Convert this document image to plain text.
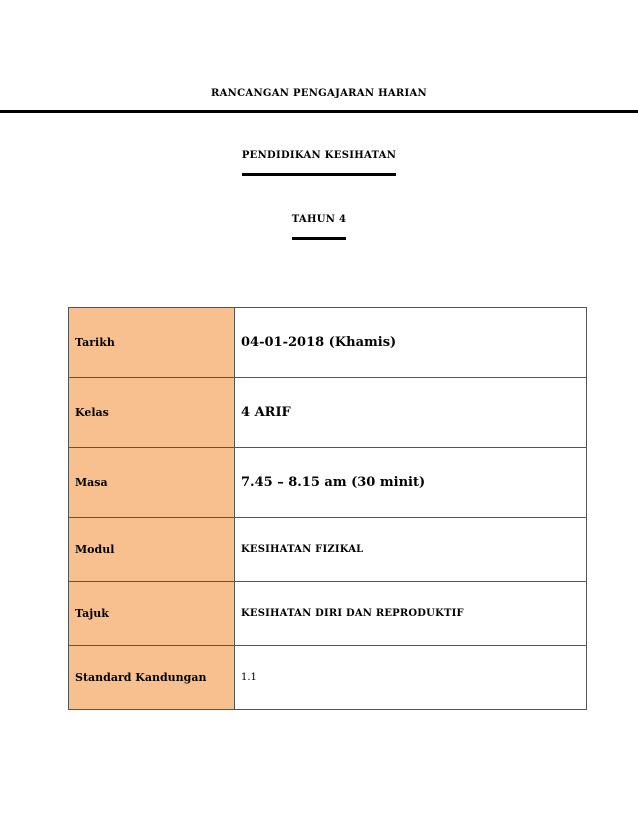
RANCANGAN PENGAJARAN HARIAN
PENDIDIKAN KESIHATAN
TAHUN 4
Tarikh	04-01-2018 (Khamis)
Kelas	4 ARIF
Masa	7.45 – 8.15 am (30 minit)
Modul	KESIHATAN FIZIKAL
Tajuk	KESIHATAN DIRI DAN REPRODUKTIF
Standard Kandungan	1.1
